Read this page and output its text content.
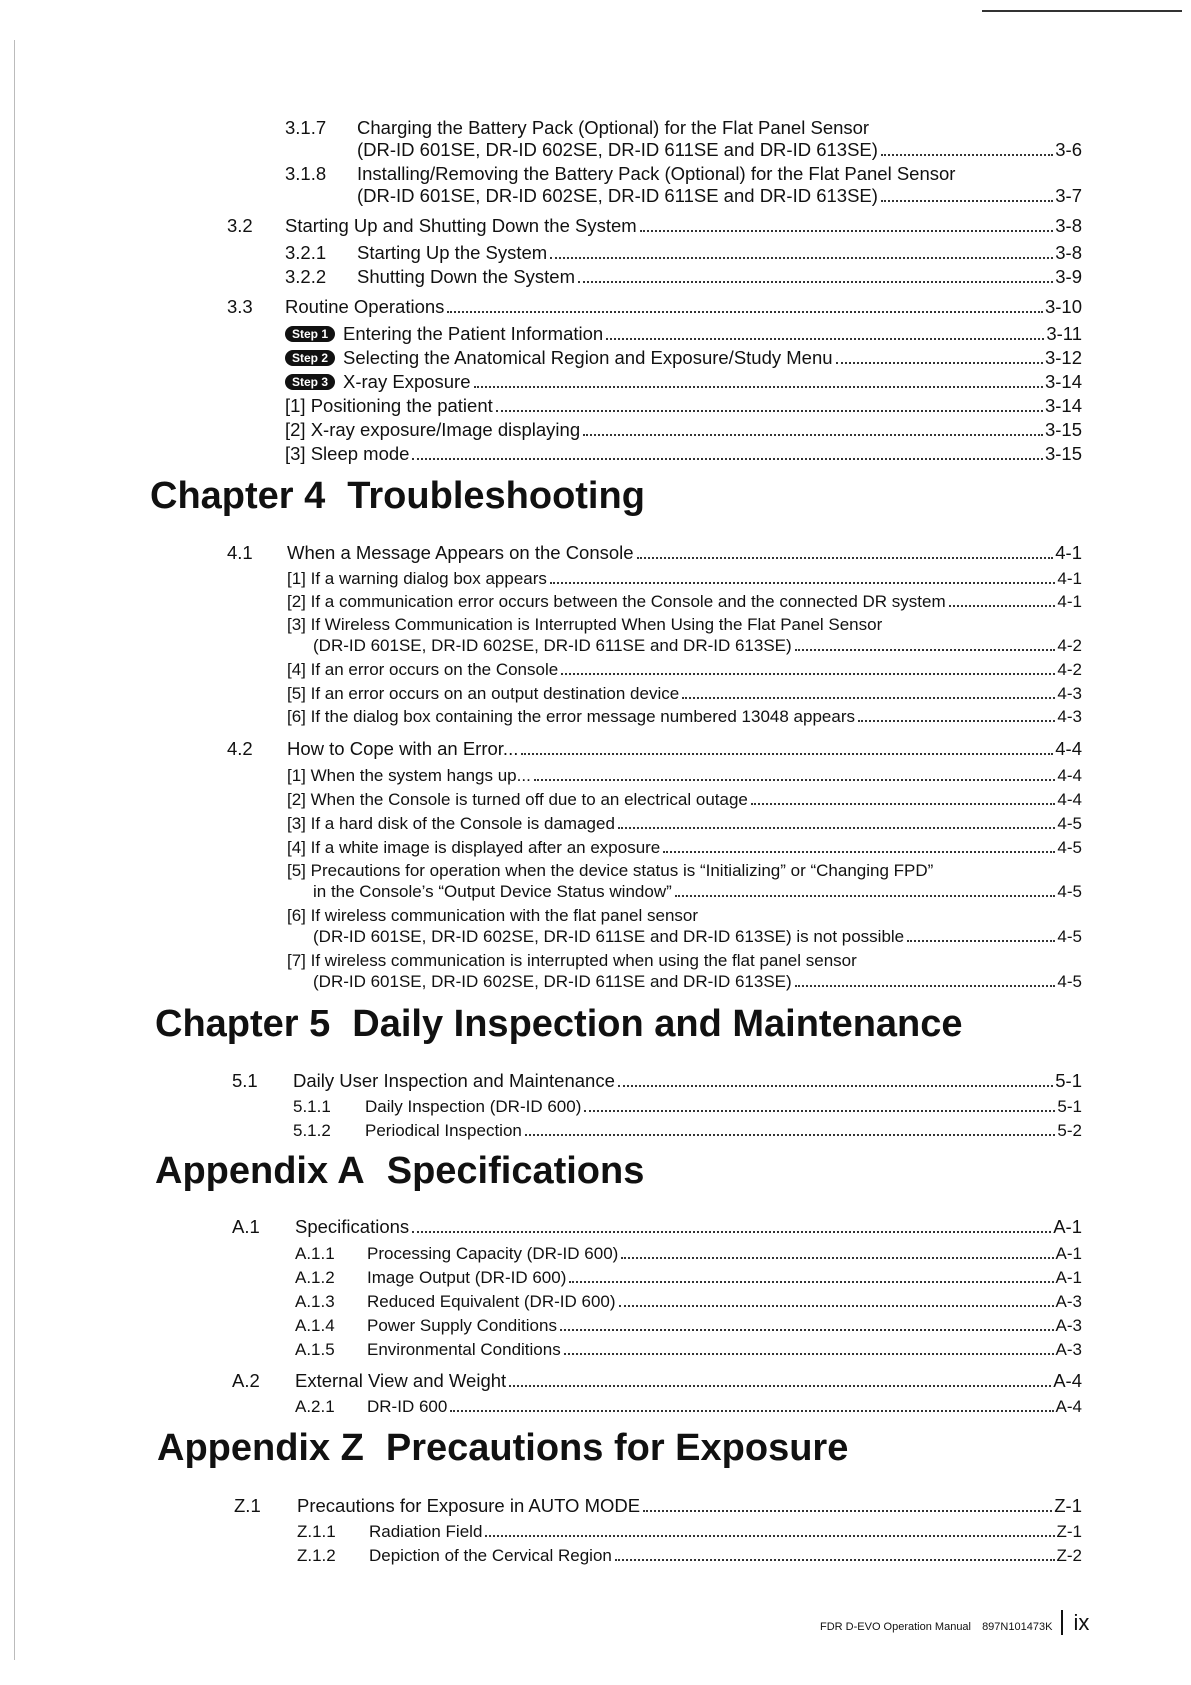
3.1.7	Charging the Battery Pack (Optional) for the Flat Panel Sensor
(DR-ID 601SE, DR-ID 602SE, DR-ID 611SE and DR-ID 613SE)	3-6
3.1.8	Installing/Removing the Battery Pack (Optional) for the Flat Panel Sensor
(DR-ID 601SE, DR-ID 602SE, DR-ID 611SE and DR-ID 613SE)	3-7
3.2 Starting Up and Shutting Down the System	3-8
3.2.1	Starting Up the System	3-8
3.2.2	Shutting Down the System	3-9
3.3 Routine Operations	3-10
Step 1 Entering the Patient Information	3-11
Step 2 Selecting the Anatomical Region and Exposure/Study Menu	3-12
Step 3 X-ray Exposure	3-14
[1] Positioning the patient	3-14
[2] X-ray exposure/Image displaying	3-15
[3] Sleep mode	3-15
Chapter 4 Troubleshooting
4.1 When a Message Appears on the Console	4-1
[1] If a warning dialog box appears	4-1
[2] If a communication error occurs between the Console and the connected DR system	4-1
[3] If Wireless Communication is Interrupted When Using the Flat Panel Sensor
(DR-ID 601SE, DR-ID 602SE, DR-ID 611SE and DR-ID 613SE)	4-2
[4] If an error occurs on the Console	4-2
[5] If an error occurs on an output destination device	4-3
[6] If the dialog box containing the error message numbered 13048 appears	4-3
4.2 How to Cope with an Error...	4-4
[1] When the system hangs up...	4-4
[2] When the Console is turned off due to an electrical outage	4-4
[3] If a hard disk of the Console is damaged	4-5
[4] If a white image is displayed after an exposure	4-5
[5] Precautions for operation when the device status is “Initializing” or “Changing FPD”
in the Console’s “Output Device Status window”	4-5
[6] If wireless communication with the flat panel sensor
(DR-ID 601SE, DR-ID 602SE, DR-ID 611SE and DR-ID 613SE) is not possible	4-5
[7] If wireless communication is interrupted when using the flat panel sensor
(DR-ID 601SE, DR-ID 602SE, DR-ID 611SE and DR-ID 613SE)	4-5
Chapter 5 Daily Inspection and Maintenance
5.1 Daily User Inspection and Maintenance	5-1
5.1.1	Daily Inspection (DR-ID 600)	5-1
5.1.2	Periodical Inspection	5-2
Appendix A Specifications
A.1 Specifications	A-1
A.1.1	Processing Capacity (DR-ID 600)	A-1
A.1.2	Image Output (DR-ID 600)	A-1
A.1.3	Reduced Equivalent (DR-ID 600)	A-3
A.1.4	Power Supply Conditions	A-3
A.1.5	Environmental Conditions	A-3
A.2 External View and Weight	A-4
A.2.1	DR-ID 600	A-4
Appendix Z Precautions for Exposure
Z.1 Precautions for Exposure in AUTO MODE	Z-1
Z.1.1	Radiation Field	Z-1
Z.1.2	Depiction of the Cervical Region	Z-2
FDR D-EVO Operation Manual 897N101473K ix
